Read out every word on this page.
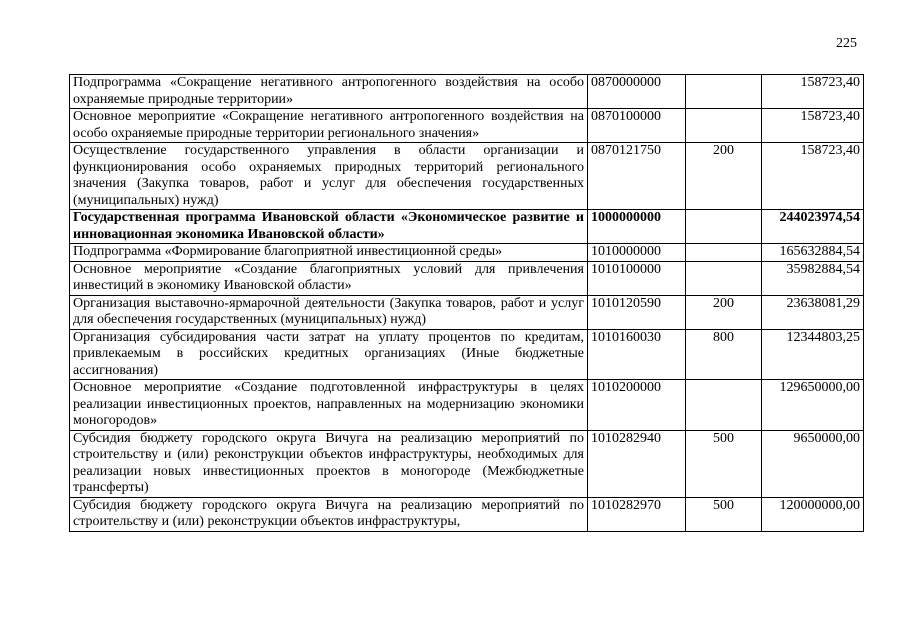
225
Подпрограмма «Сокращение негативного антропогенного воздействия на особо охраняемые природные территории»	0870000000		158723,40
Основное мероприятие «Сокращение негативного антропогенного воздействия на особо охраняемые природные территории регионального значения»	0870100000		158723,40
Осуществление государственного управления в области организации и функционирования особо охраняемых природных территорий регионального значения (Закупка товаров, работ и услуг для обеспечения государственных (муниципальных) нужд)	0870121750	200	158723,40
Государственная программа Ивановской области «Экономическое развитие и инновационная экономика Ивановской области»	1000000000		244023974,54
Подпрограмма «Формирование благоприятной инвестиционной среды»	1010000000		165632884,54
Основное мероприятие «Создание благоприятных условий для привлечения инвестиций в экономику Ивановской области»	1010100000		35982884,54
Организация выставочно-ярмарочной деятельности (Закупка товаров, работ и услуг для обеспечения государственных (муниципальных) нужд)	1010120590	200	23638081,29
Организация субсидирования части затрат на уплату процентов по кредитам, привлекаемым в российских кредитных организациях (Иные бюджетные ассигнования)	1010160030	800	12344803,25
Основное мероприятие «Создание подготовленной инфраструктуры в целях реализации инвестиционных проектов, направленных на модернизацию экономики моногородов»	1010200000		129650000,00
Субсидия бюджету городского округа Вичуга на реализацию мероприятий по строительству и (или) реконструкции объектов инфраструктуры, необходимых для реализации новых инвестиционных проектов в моногороде (Межбюджетные трансферты)	1010282940	500	9650000,00
Субсидия бюджету городского округа Вичуга на реализацию мероприятий по строительству и (или) реконструкции объектов инфраструктуры,	1010282970	500	120000000,00
